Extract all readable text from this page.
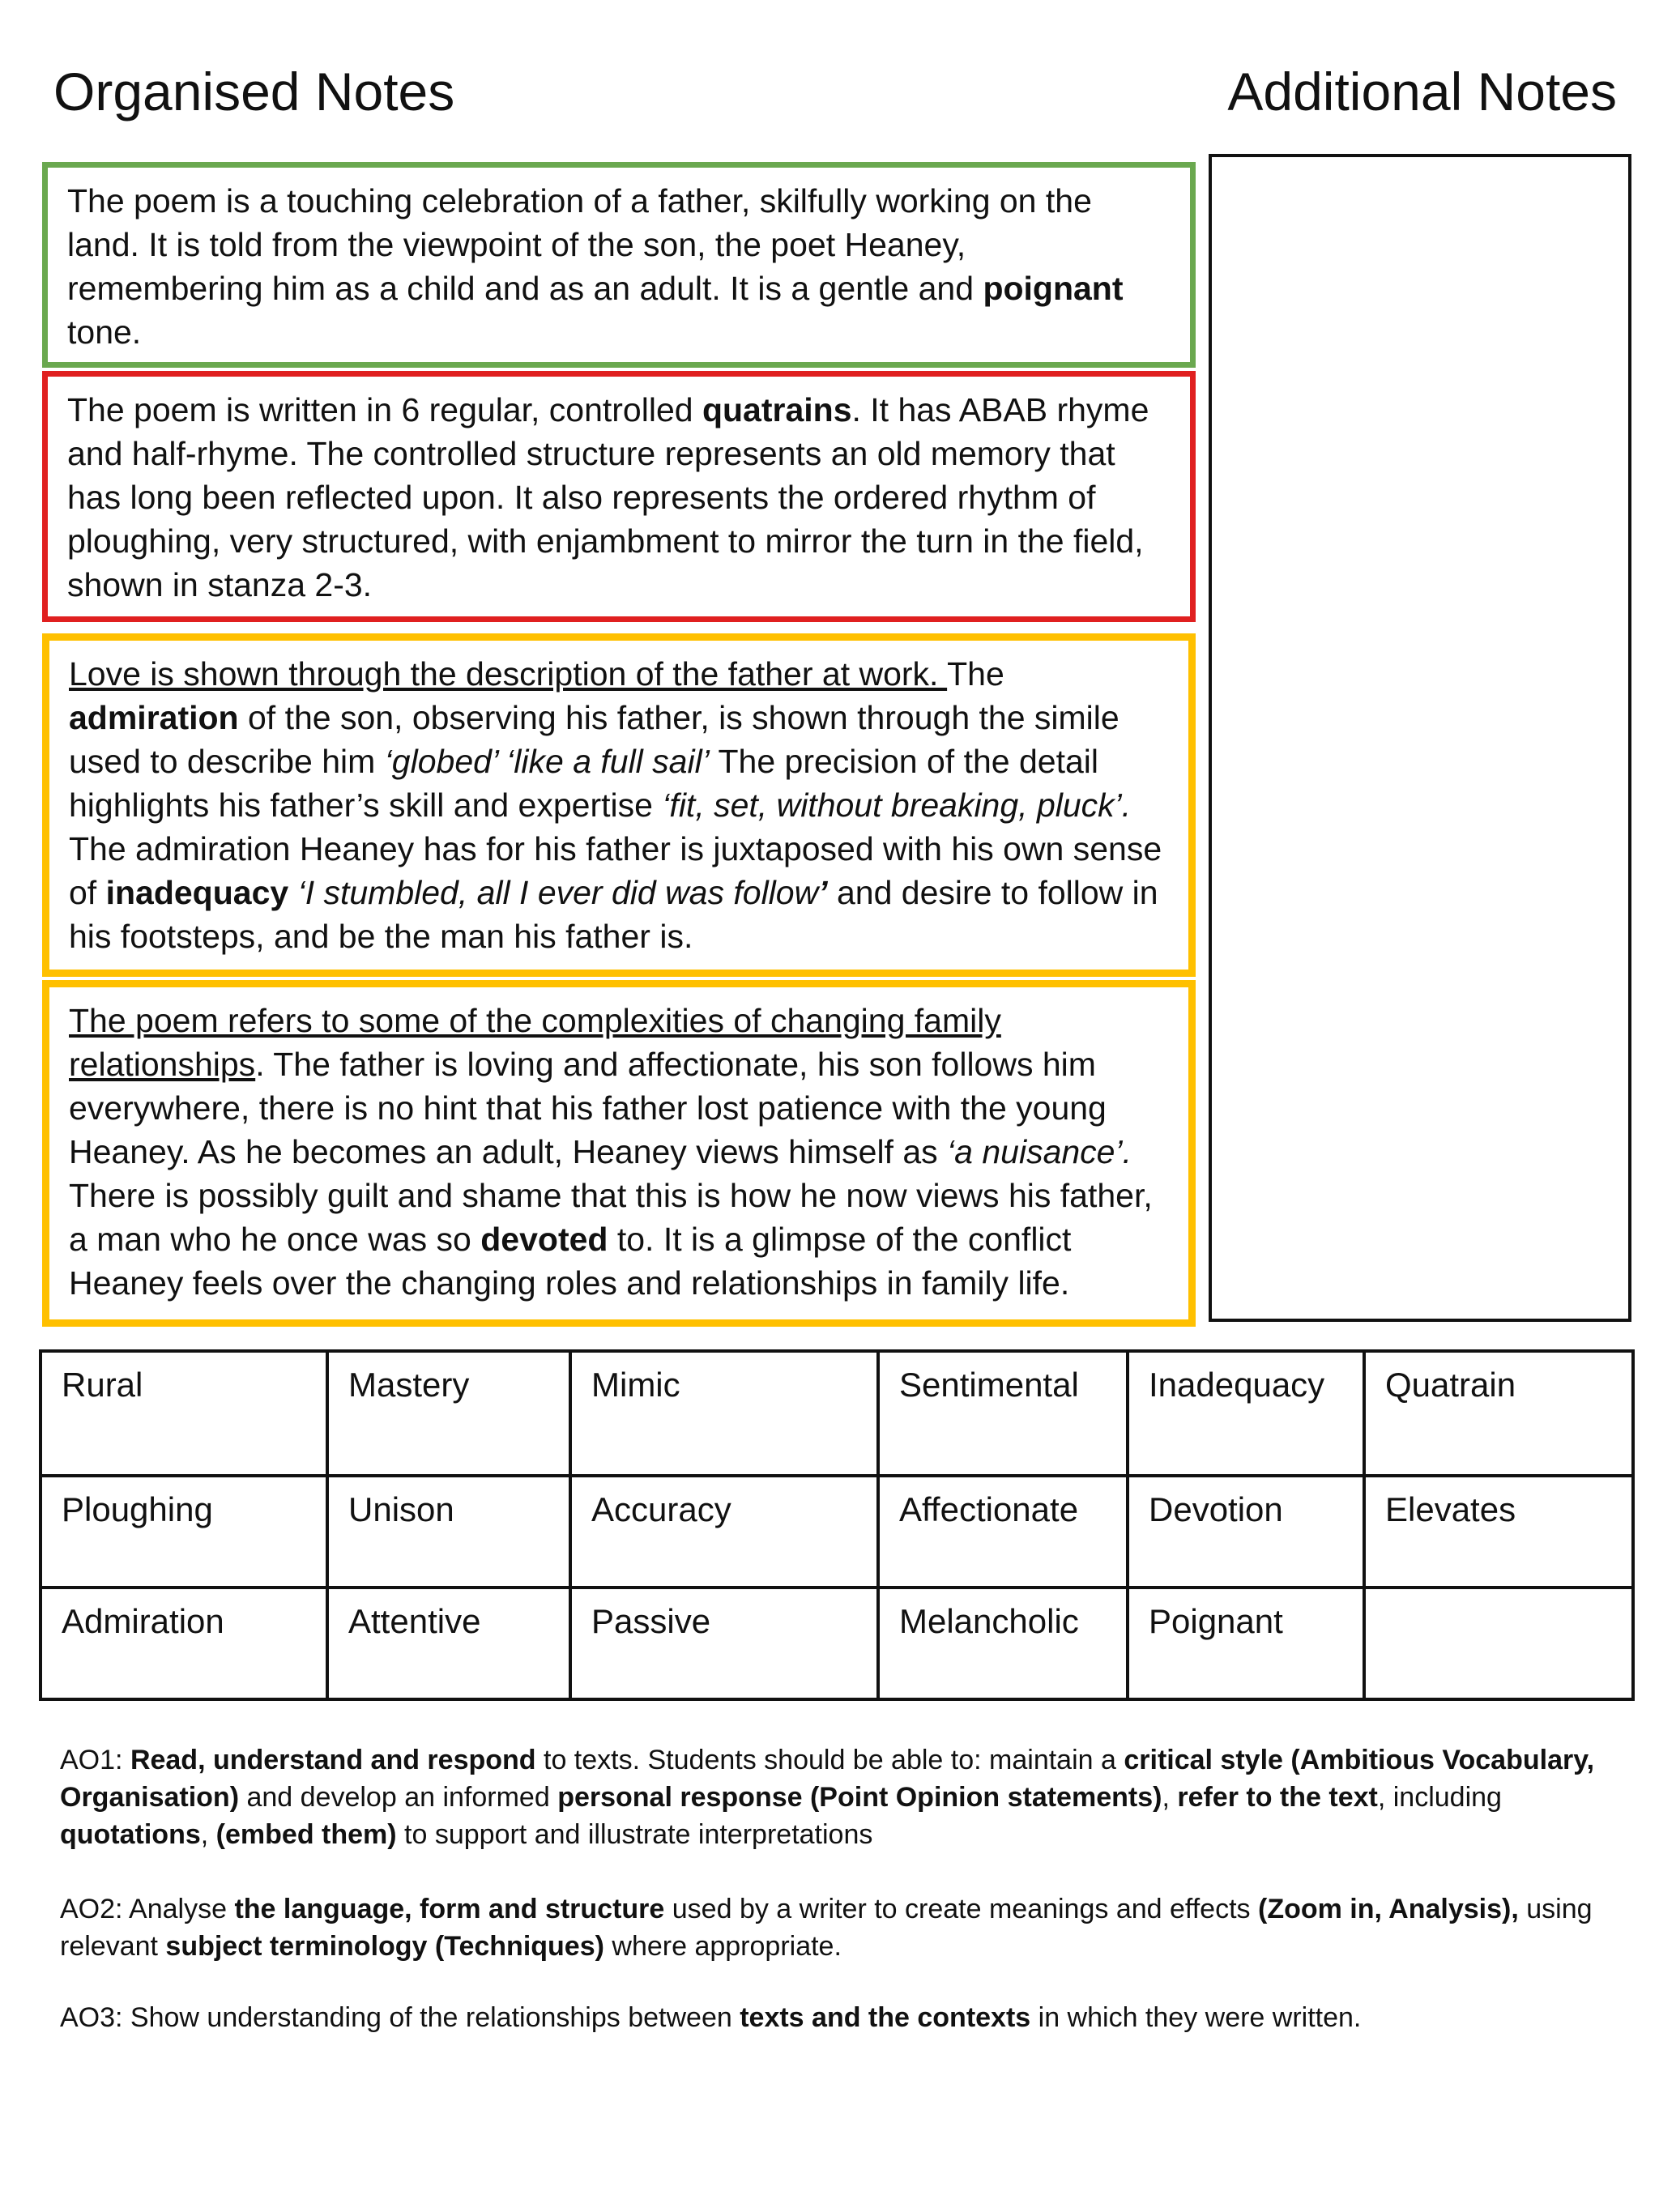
Organised Notes	Additional Notes
The poem is a touching celebration of a father, skilfully working on the land. It is told from the viewpoint of the son, the poet Heaney, remembering him as a child and as an adult. It is a gentle and poignant tone.
The poem is written in 6 regular, controlled quatrains. It has ABAB rhyme and half-rhyme. The controlled structure represents an old memory that has long been reflected upon. It also represents the ordered rhythm of ploughing, very structured, with enjambment to mirror the turn in the field, shown in stanza 2-3.
Love is shown through the description of the father at work. The admiration of the son, observing his father, is shown through the simile used to describe him ‘globed’ ‘like a full sail’ The precision of the detail highlights his father’s skill and expertise ‘fit, set, without breaking, pluck’. The admiration Heaney has for his father is juxtaposed with his own sense of inadequacy ‘I stumbled, all I ever did was follow’ and desire to follow in his footsteps, and be the man his father is.
The poem refers to some of the complexities of changing family relationships. The father is loving and affectionate, his son follows him everywhere, there is no hint that his father lost patience with the young Heaney. As he becomes an adult, Heaney views himself as ‘a nuisance’. There is possibly guilt and shame that this is how he now views his father, a man who he once was so devoted to. It is a glimpse of the conflict Heaney feels over the changing roles and relationships in family life.
Rural	Mastery	Mimic	Sentimental	Inadequacy	Quatrain
Ploughing	Unison	Accuracy	Affectionate	Devotion	Elevates
Admiration	Attentive	Passive	Melancholic	Poignant	

AO1: Read, understand and respond to texts. Students should be able to: maintain a critical style (Ambitious Vocabulary, Organisation) and develop an informed personal response (Point Opinion statements), refer to the text, including quotations, (embed them) to support and illustrate interpretations

AO2: Analyse the language, form and structure used by a writer to create meanings and effects (Zoom in, Analysis), using relevant subject terminology (Techniques) where appropriate.

AO3: Show understanding of the relationships between texts and the contexts in which they were written.
